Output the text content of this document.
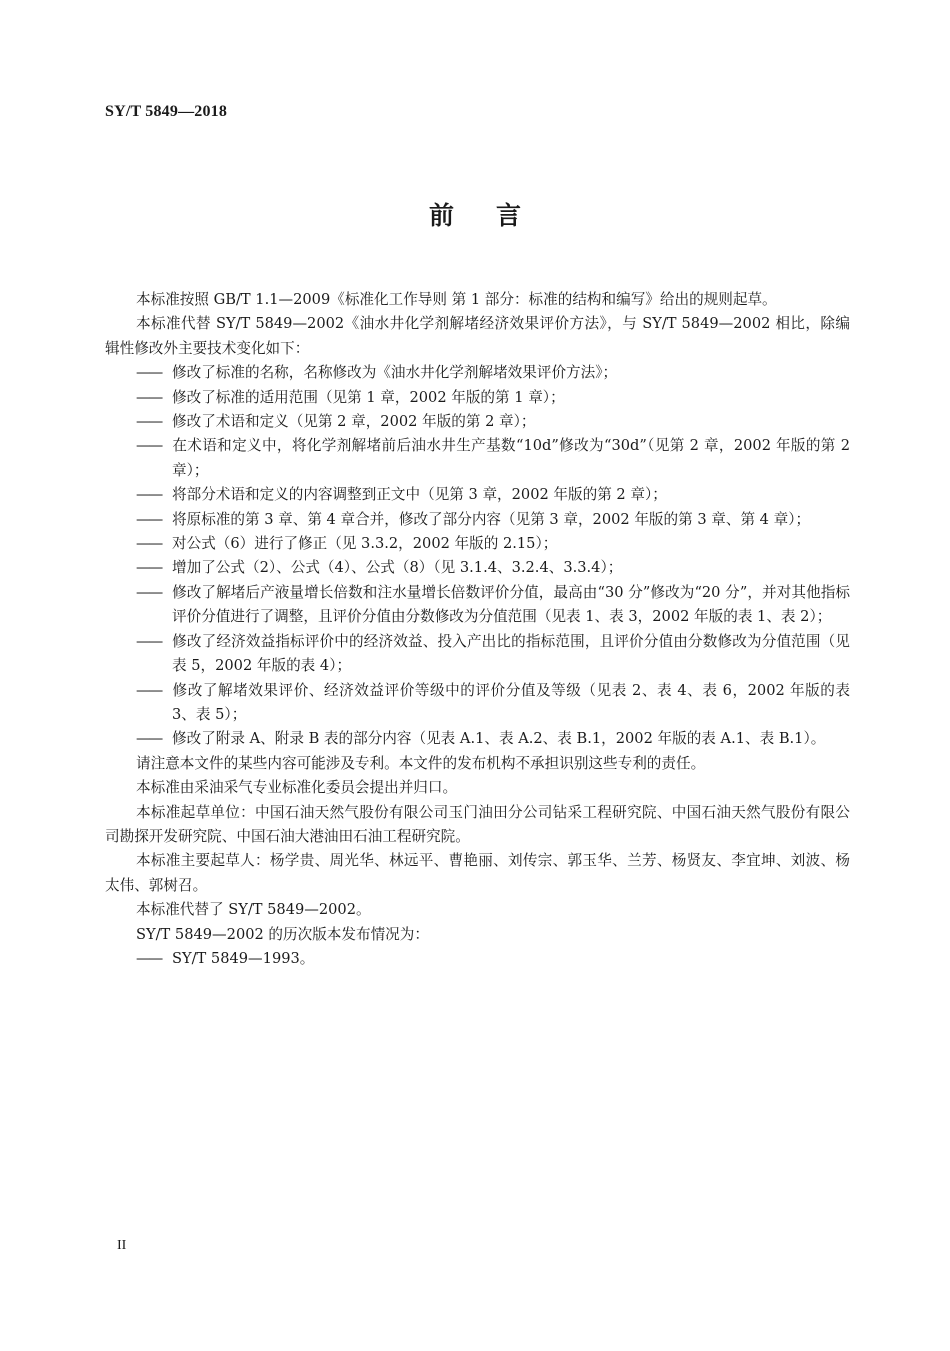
SY/T 5849—2018
前言

本标准按照 GB/T 1.1—2009《标准化工作导则 第 1 部分：标准的结构和编写》给出的规则起草。

本标准代替 SY/T 5849—2002《油水井化学剂解堵经济效果评价方法》，与 SY/T 5849—2002 相比，除编辑性修改外主要技术变化如下：

—— 修改了标准的名称，名称修改为《油水井化学剂解堵效果评价方法》；

—— 修改了标准的适用范围（见第 1 章，2002 年版的第 1 章）；

—— 修改了术语和定义（见第 2 章，2002 年版的第 2 章）；

—— 在术语和定义中，将化学剂解堵前后油水井生产基数“10d”修改为“30d”（见第 2 章，2002 年版的第 2 章）；

—— 将部分术语和定义的内容调整到正文中（见第 3 章，2002 年版的第 2 章）；

—— 将原标准的第 3 章、第 4 章合并，修改了部分内容（见第 3 章，2002 年版的第 3 章、第 4 章）；

—— 对公式（6）进行了修正（见 3.3.2，2002 年版的 2.15）；

—— 增加了公式（2）、公式（4）、公式（8）（见 3.1.4、3.2.4、3.3.4）；

—— 修改了解堵后产液量增长倍数和注水量增长倍数评价分值，最高由“30 分”修改为“20 分”，并对其他指标评价分值进行了调整，且评价分值由分数修改为分值范围（见表 1、表 3，2002 年版的表 1、表 2）；

—— 修改了经济效益指标评价中的经济效益、投入产出比的指标范围，且评价分值由分数修改为分值范围（见表 5，2002 年版的表 4）；

—— 修改了解堵效果评价、经济效益评价等级中的评价分值及等级（见表 2、表 4、表 6，2002 年版的表 3、表 5）；

—— 修改了附录 A、附录 B 表的部分内容（见表 A.1、表 A.2、表 B.1，2002 年版的表 A.1、表 B.1）。

请注意本文件的某些内容可能涉及专利。本文件的发布机构不承担识别这些专利的责任。

本标准由采油采气专业标准化委员会提出并归口。

本标准起草单位：中国石油天然气股份有限公司玉门油田分公司钻采工程研究院、中国石油天然气股份有限公司勘探开发研究院、中国石油大港油田石油工程研究院。

本标准主要起草人：杨学贵、周光华、林远平、曹艳丽、刘传宗、郭玉华、兰芳、杨贤友、李宜坤、刘波、杨太伟、郭树召。

本标准代替了 SY/T 5849—2002。

SY/T 5849—2002 的历次版本发布情况为：

—— SY/T 5849—1993。

II
